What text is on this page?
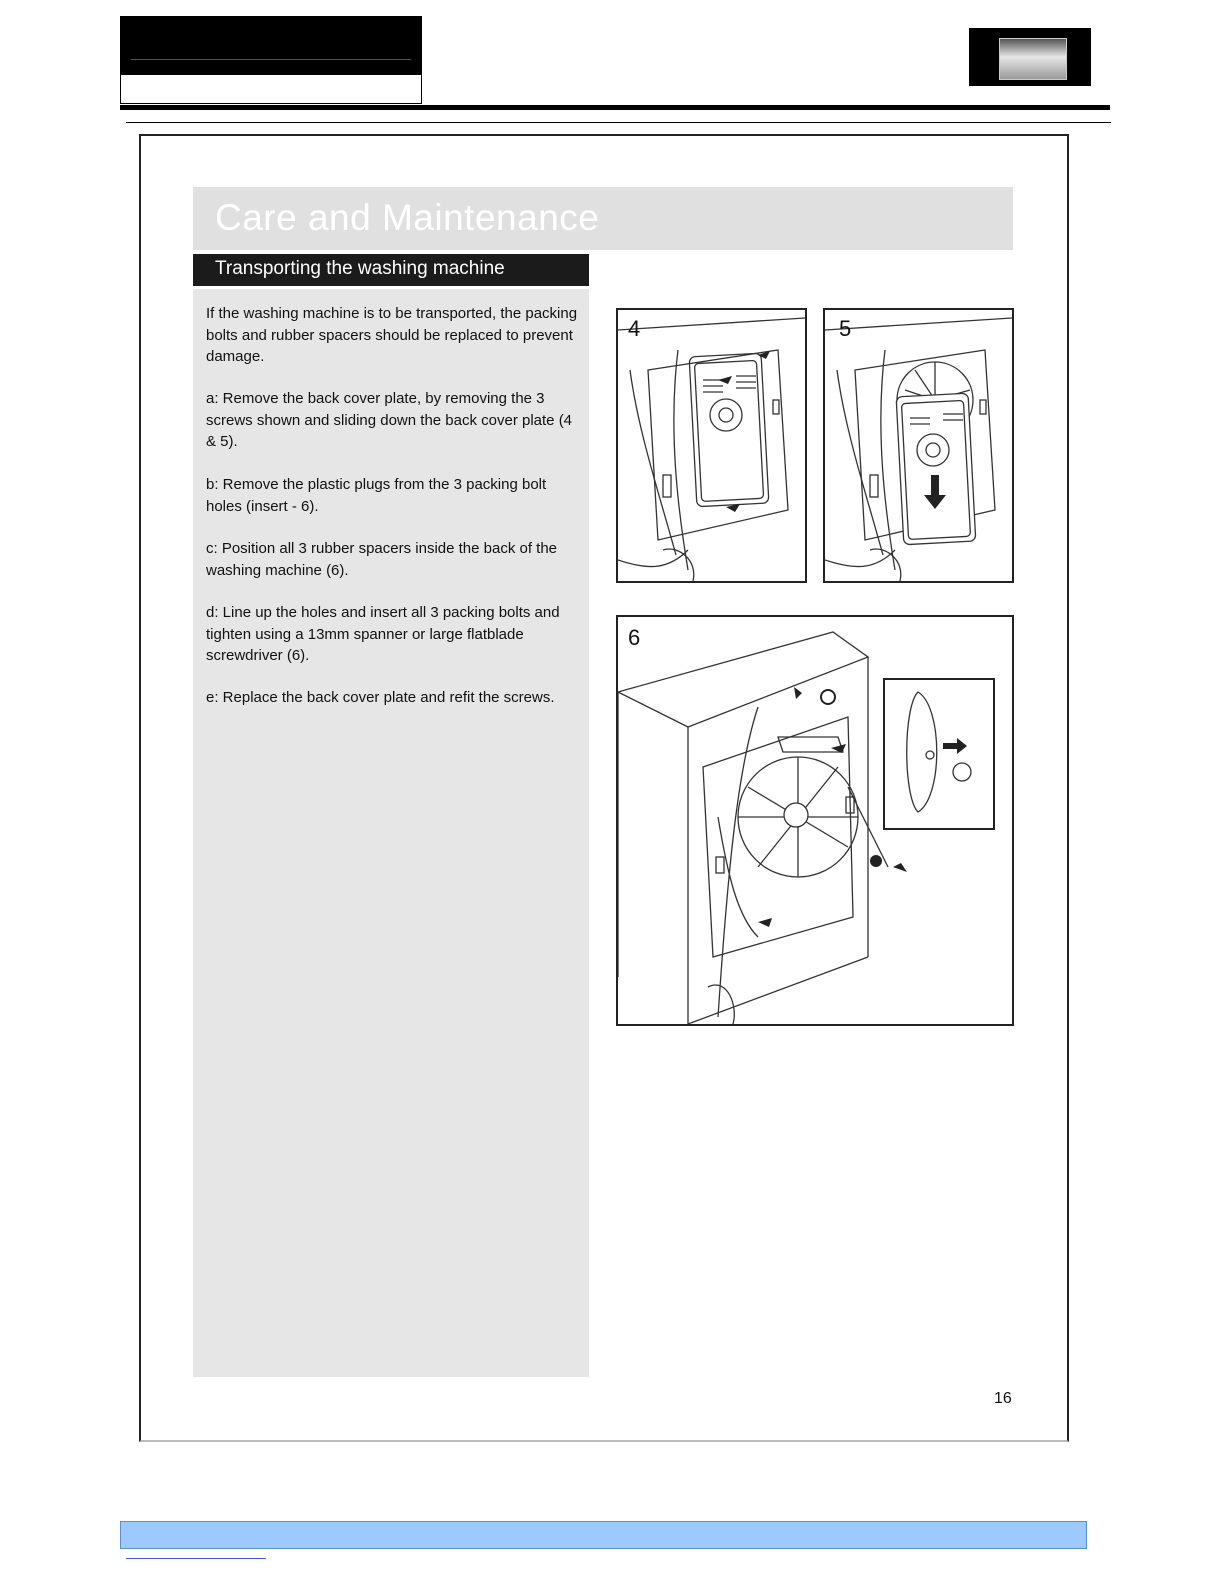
Care and Maintenance
Transporting the washing machine

If the washing machine is to be transported, the packing bolts and rubber spacers should be replaced to prevent damage.

a: Remove the back cover plate, by removing the 3 screws shown and sliding down the back cover plate (4 & 5).

b: Remove the plastic plugs from the 3 packing bolt holes (insert - 6).

c: Position all 3 rubber spacers inside the back of the washing machine (6).

d: Line up the holes and insert all 3 packing bolts and tighten using a 13mm spanner or large flatblade screwdriver (6).

e: Replace the back cover plate and refit the screws.

4	5
6
16
